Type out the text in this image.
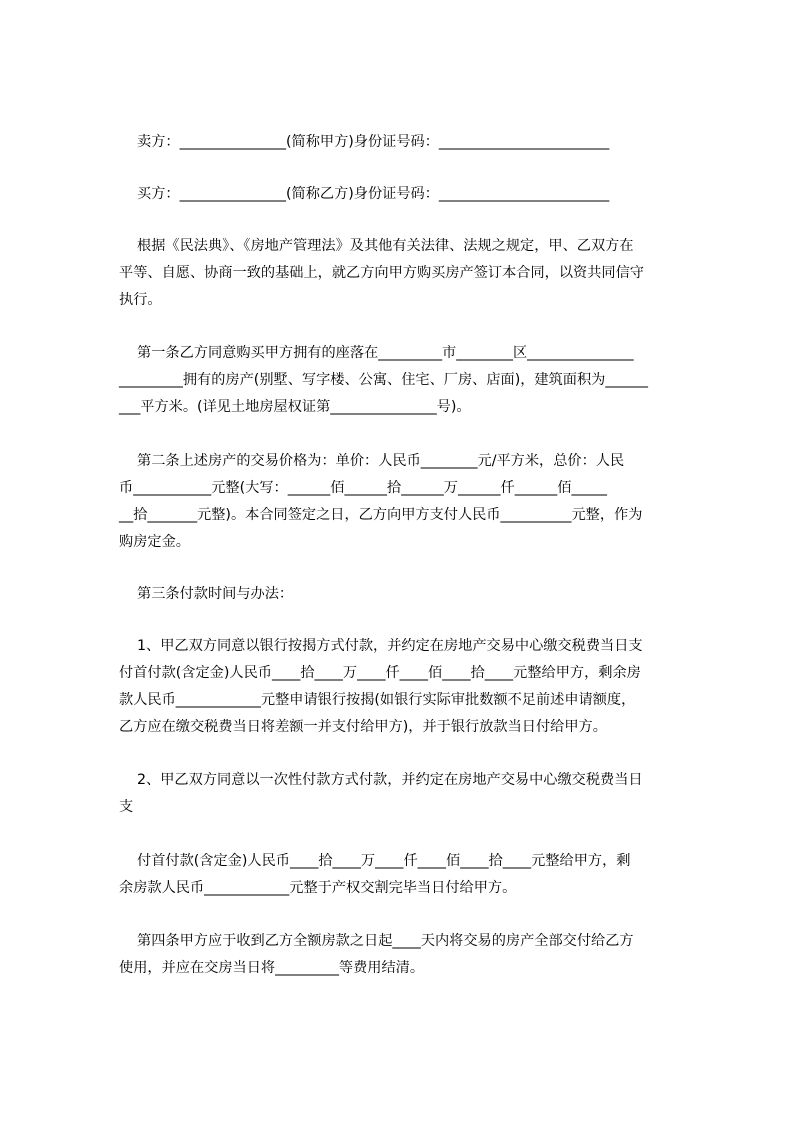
卖方：_______________(简称甲方)身份证号码：________________________
买方：_______________(简称乙方)身份证号码：________________________
根据《民法典》、《房地产管理法》及其他有关法律、法规之规定，甲、乙双方在
平等、自愿、协商一致的基础上，就乙方向甲方购买房产签订本合同，以资共同信守
执行。
第一条乙方同意购买甲方拥有的座落在_________市________区_______________
_________拥有的房产(别墅、写字楼、公寓、住宅、厂房、店面)，建筑面积为______
___平方米。(详见土地房屋权证第_______________号)。
第二条上述房产的交易价格为：单价：人民币________元/平方米，总价：人民
币___________元整(大写：______佰______拾______万______仟______佰_____
__拾_______元整)。本合同签定之日，乙方向甲方支付人民币__________元整，作为
购房定金。
第三条付款时间与办法：
1、甲乙双方同意以银行按揭方式付款，并约定在房地产交易中心缴交税费当日支
付首付款(含定金)人民币____拾____万____仟____佰____拾____元整给甲方，剩余房
款人民币____________元整申请银行按揭(如银行实际审批数额不足前述申请额度，
乙方应在缴交税费当日将差额一并支付给甲方)，并于银行放款当日付给甲方。
2、甲乙双方同意以一次性付款方式付款，并约定在房地产交易中心缴交税费当日
支
付首付款(含定金)人民币____拾____万____仟____佰____拾____元整给甲方，剩
余房款人民币____________元整于产权交割完毕当日付给甲方。
第四条甲方应于收到乙方全额房款之日起____天内将交易的房产全部交付给乙方
使用，并应在交房当日将_________等费用结清。
